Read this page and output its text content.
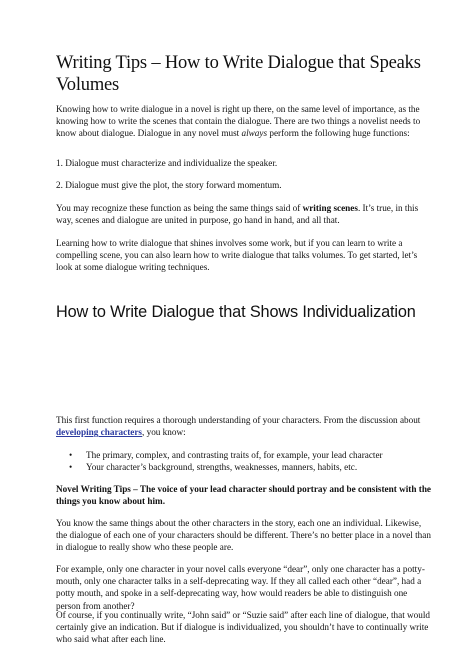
Writing Tips – How to Write Dialogue that Speaks Volumes

Knowing how to write dialogue in a novel is right up there, on the same level of importance, as the knowing how to write the scenes that contain the dialogue. There are two things a novelist needs to know about dialogue. Dialogue in any novel must always perform the following huge functions:

1. Dialogue must characterize and individualize the speaker.

2. Dialogue must give the plot, the story forward momentum.

You may recognize these function as being the same things said of writing scenes. It’s true, in this way, scenes and dialogue are united in purpose, go hand in hand, and all that.

Learning how to write dialogue that shines involves some work, but if you can learn to write a compelling scene, you can also learn how to write dialogue that talks volumes. To get started, let’s look at some dialogue writing techniques.

How to Write Dialogue that Shows Individualization

This first function requires a thorough understanding of your characters. From the discussion about developing characters, you know:

• The primary, complex, and contrasting traits of, for example, your lead character
• Your character’s background, strengths, weaknesses, manners, habits, etc.

Novel Writing Tips – The voice of your lead character should portray and be consistent with the things you know about him.

You know the same things about the other characters in the story, each one an individual. Likewise, the dialogue of each one of your characters should be different. There’s no better place in a novel than in dialogue to really show who these people are.

For example, only one character in your novel calls everyone “dear”, only one character has a potty-mouth, only one character talks in a self-deprecating way. If they all called each other “dear”, had a potty mouth, and spoke in a self-deprecating way, how would readers be able to distinguish one person from another?

Of course, if you continually write, “John said” or “Suzie said” after each line of dialogue, that would certainly give an indication. But if dialogue is individualized, you shouldn’t have to continually write who said what after each line.
